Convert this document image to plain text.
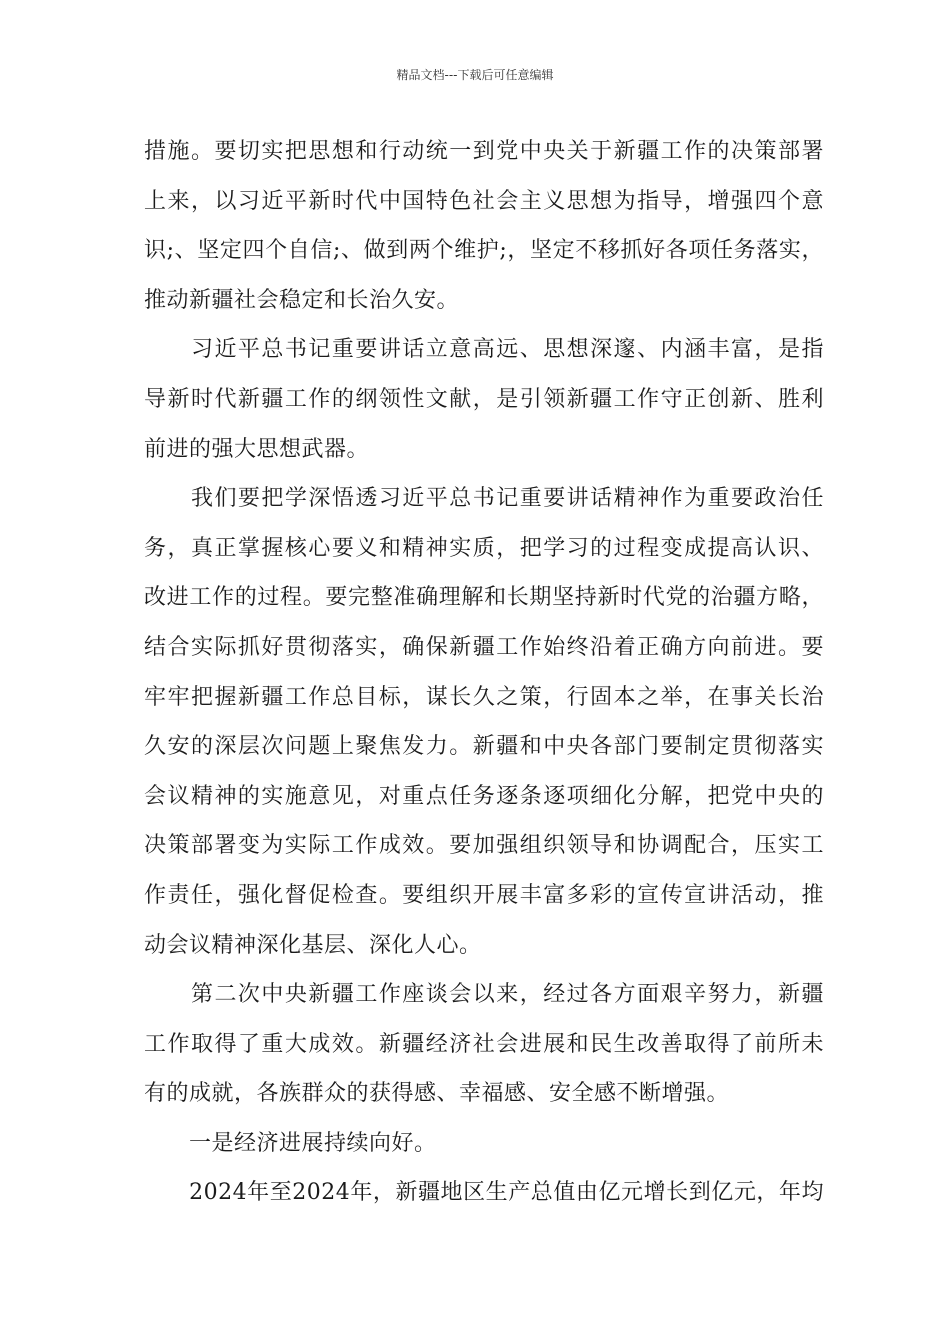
精品文档---下载后可任意编辑
措施。要切实把思想和行动统一到党中央关于新疆工作的决策部署
上来，以习近平新时代中国特色社会主义思想为指导，增强四个意
识;、坚定四个自信;、做到两个维护;，坚定不移抓好各项任务落实，
推动新疆社会稳定和长治久安。
　　习近平总书记重要讲话立意高远、思想深邃、内涵丰富，是指
导新时代新疆工作的纲领性文献，是引领新疆工作守正创新、胜利
前进的强大思想武器。
　　我们要把学深悟透习近平总书记重要讲话精神作为重要政治任
务，真正掌握核心要义和精神实质，把学习的过程变成提高认识、
改进工作的过程。要完整准确理解和长期坚持新时代党的治疆方略，
结合实际抓好贯彻落实，确保新疆工作始终沿着正确方向前进。要
牢牢把握新疆工作总目标，谋长久之策，行固本之举，在事关长治
久安的深层次问题上聚焦发力。新疆和中央各部门要制定贯彻落实
会议精神的实施意见，对重点任务逐条逐项细化分解，把党中央的
决策部署变为实际工作成效。要加强组织领导和协调配合，压实工
作责任，强化督促检查。要组织开展丰富多彩的宣传宣讲活动，推
动会议精神深化基层、深化人心。
　　第二次中央新疆工作座谈会以来，经过各方面艰辛努力，新疆
工作取得了重大成效。新疆经济社会进展和民生改善取得了前所未
有的成就，各族群众的获得感、幸福感、安全感不断增强。
　　一是经济进展持续向好。
　　2024年至2024年，新疆地区生产总值由亿元增长到亿元，年均
